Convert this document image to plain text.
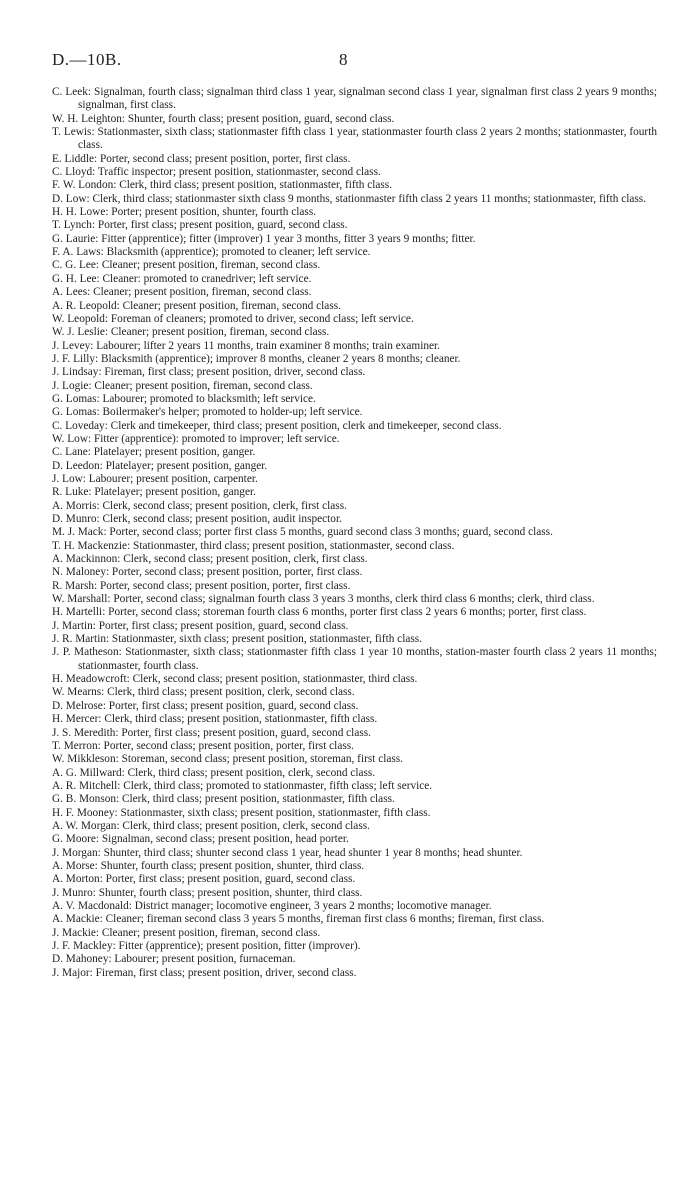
D.—10B.	8
C. Leek: Signalman, fourth class; signalman third class 1 year, signalman second class 1 year, signalman first class 2 years 9 months; signalman, first class.
W. H. Leighton: Shunter, fourth class; present position, guard, second class.
T. Lewis: Stationmaster, sixth class; stationmaster fifth class 1 year, stationmaster fourth class 2 years 2 months; stationmaster, fourth class.
E. Liddle: Porter, second class; present position, porter, first class.
C. Lloyd: Traffic inspector; present position, stationmaster, second class.
F. W. London: Clerk, third class; present position, stationmaster, fifth class.
D. Low: Clerk, third class; stationmaster sixth class 9 months, stationmaster fifth class 2 years 11 months; stationmaster, fifth class.
H. H. Lowe: Porter; present position, shunter, fourth class.
T. Lynch: Porter, first class; present position, guard, second class.
G. Laurie: Fitter (apprentice); fitter (improver) 1 year 3 months, fitter 3 years 9 months; fitter.
F. A. Laws: Blacksmith (apprentice); promoted to cleaner; left service.
C. G. Lee: Cleaner; present position, fireman, second class.
G. H. Lee: Cleaner: promoted to cranedriver; left service.
A. Lees: Cleaner; present position, fireman, second class.
A. R. Leopold: Cleaner; present position, fireman, second class.
W. Leopold: Foreman of cleaners; promoted to driver, second class; left service.
W. J. Leslie: Cleaner; present position, fireman, second class.
J. Levey: Labourer; lifter 2 years 11 months, train examiner 8 months; train examiner.
J. F. Lilly: Blacksmith (apprentice); improver 8 months, cleaner 2 years 8 months; cleaner.
J. Lindsay: Fireman, first class; present position, driver, second class.
J. Logie: Cleaner; present position, fireman, second class.
G. Lomas: Labourer; promoted to blacksmith; left service.
G. Lomas: Boilermaker's helper; promoted to holder-up; left service.
C. Loveday: Clerk and timekeeper, third class; present position, clerk and timekeeper, second class.
W. Low: Fitter (apprentice): promoted to improver; left service.
C. Lane: Platelayer; present position, ganger.
D. Leedon: Platelayer; present position, ganger.
J. Low: Labourer; present position, carpenter.
R. Luke: Platelayer; present position, ganger.
A. Morris: Clerk, second class; present position, clerk, first class.
D. Munro: Clerk, second class; present position, audit inspector.
M. J. Mack: Porter, second class; porter first class 5 months, guard second class 3 months; guard, second class.
T. H. Mackenzie: Stationmaster, third class; present position, stationmaster, second class.
A. Mackinnon: Clerk, second class; present position, clerk, first class.
N. Maloney: Porter, second class; present position, porter, first class.
R. Marsh: Porter, second class; present position, porter, first class.
W. Marshall: Porter, second class; signalman fourth class 3 years 3 months, clerk third class 6 months; clerk, third class.
H. Martelli: Porter, second class; storeman fourth class 6 months, porter first class 2 years 6 months; porter, first class.
J. Martin: Porter, first class; present position, guard, second class.
J. R. Martin: Stationmaster, sixth class; present position, stationmaster, fifth class.
J. P. Matheson: Stationmaster, sixth class; stationmaster fifth class 1 year 10 months, station-master fourth class 2 years 11 months; stationmaster, fourth class.
H. Meadowcroft: Clerk, second class; present position, stationmaster, third class.
W. Mearns: Clerk, third class; present position, clerk, second class.
D. Melrose: Porter, first class; present position, guard, second class.
H. Mercer: Clerk, third class; present position, stationmaster, fifth class.
J. S. Meredith: Porter, first class; present position, guard, second class.
T. Merron: Porter, second class; present position, porter, first class.
W. Mikkleson: Storeman, second class; present position, storeman, first class.
A. G. Millward: Clerk, third class; present position, clerk, second class.
A. R. Mitchell: Clerk, third class; promoted to stationmaster, fifth class; left service.
G. B. Monson: Clerk, third class; present position, stationmaster, fifth class.
H. F. Mooney: Stationmaster, sixth class; present position, stationmaster, fifth class.
A. W. Morgan: Clerk, third class; present position, clerk, second class.
G. Moore: Signalman, second class; present position, head porter.
J. Morgan: Shunter, third class; shunter second class 1 year, head shunter 1 year 8 months; head shunter.
A. Morse: Shunter, fourth class; present position, shunter, third class.
A. Morton: Porter, first class; present position, guard, second class.
J. Munro: Shunter, fourth class; present position, shunter, third class.
A. V. Macdonald: District manager; locomotive engineer, 3 years 2 months; locomotive manager.
A. Mackie: Cleaner; fireman second class 3 years 5 months, fireman first class 6 months; fireman, first class.
J. Mackie: Cleaner; present position, fireman, second class.
J. F. Mackley: Fitter (apprentice); present position, fitter (improver).
D. Mahoney: Labourer; present position, furnaceman.
J. Major: Fireman, first class; present position, driver, second class.
